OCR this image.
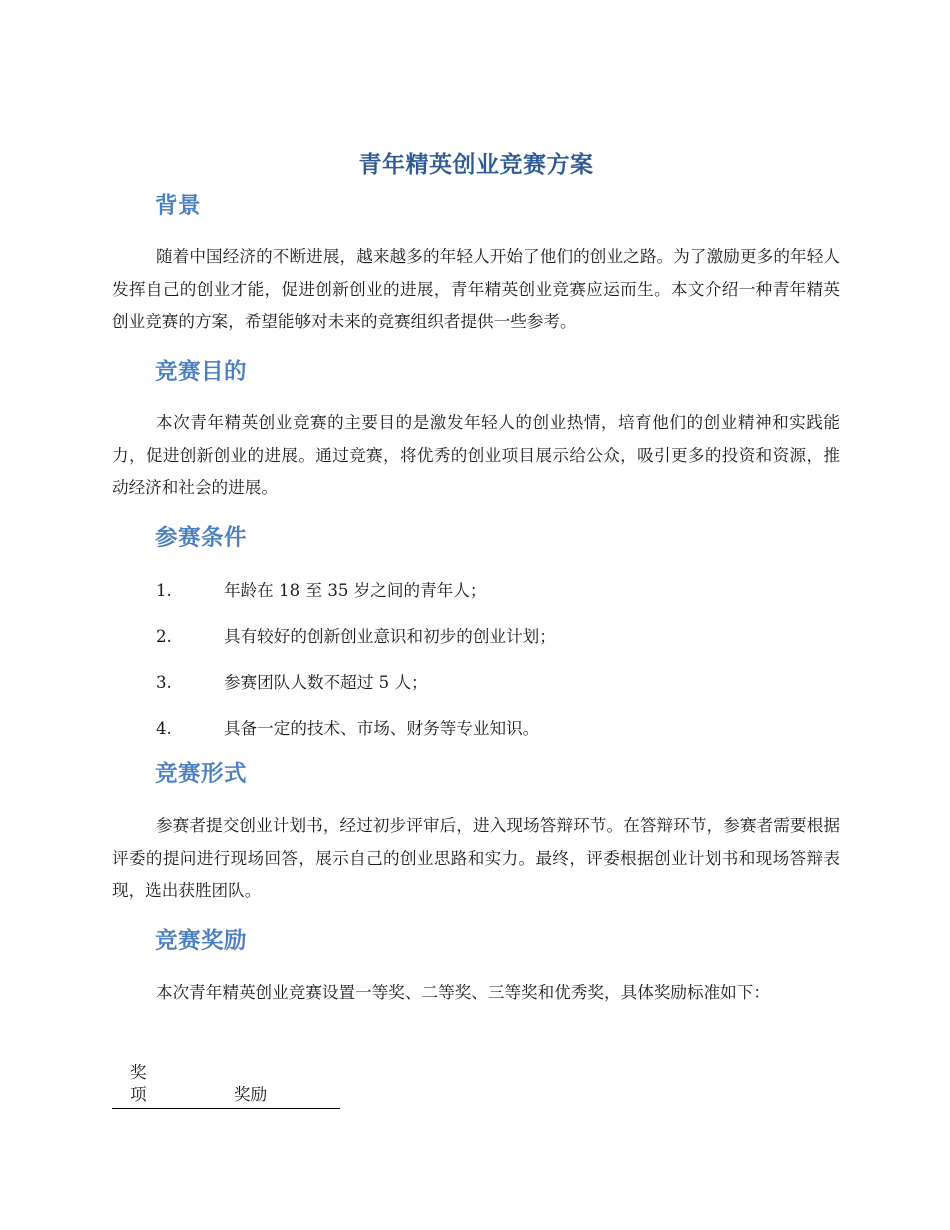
青年精英创业竞赛方案
背景

随着中国经济的不断进展，越来越多的年轻人开始了他们的创业之路。为了激励更多的年轻人发挥自己的创业才能，促进创新创业的进展，青年精英创业竞赛应运而生。本文介绍一种青年精英创业竞赛的方案，希望能够对未来的竞赛组织者提供一些参考。

竞赛目的

本次青年精英创业竞赛的主要目的是激发年轻人的创业热情，培育他们的创业精神和实践能力，促进创新创业的进展。通过竞赛，将优秀的创业项目展示给公众，吸引更多的投资和资源，推动经济和社会的进展。

参赛条件
1.	年龄在 18 至 35 岁之间的青年人；
2.	具有较好的创新创业意识和初步的创业计划；
3.	参赛团队人数不超过 5 人；
4.	具备一定的技术、市场、财务等专业知识。
竞赛形式

参赛者提交创业计划书，经过初步评审后，进入现场答辩环节。在答辩环节，参赛者需要根据评委的提问进行现场回答，展示自己的创业思路和实力。最终，评委根据创业计划书和现场答辩表现，选出获胜团队。

竞赛奖励

本次青年精英创业竞赛设置一等奖、二等奖、三等奖和优秀奖，具体奖励标准如下：

奖项	奖励
